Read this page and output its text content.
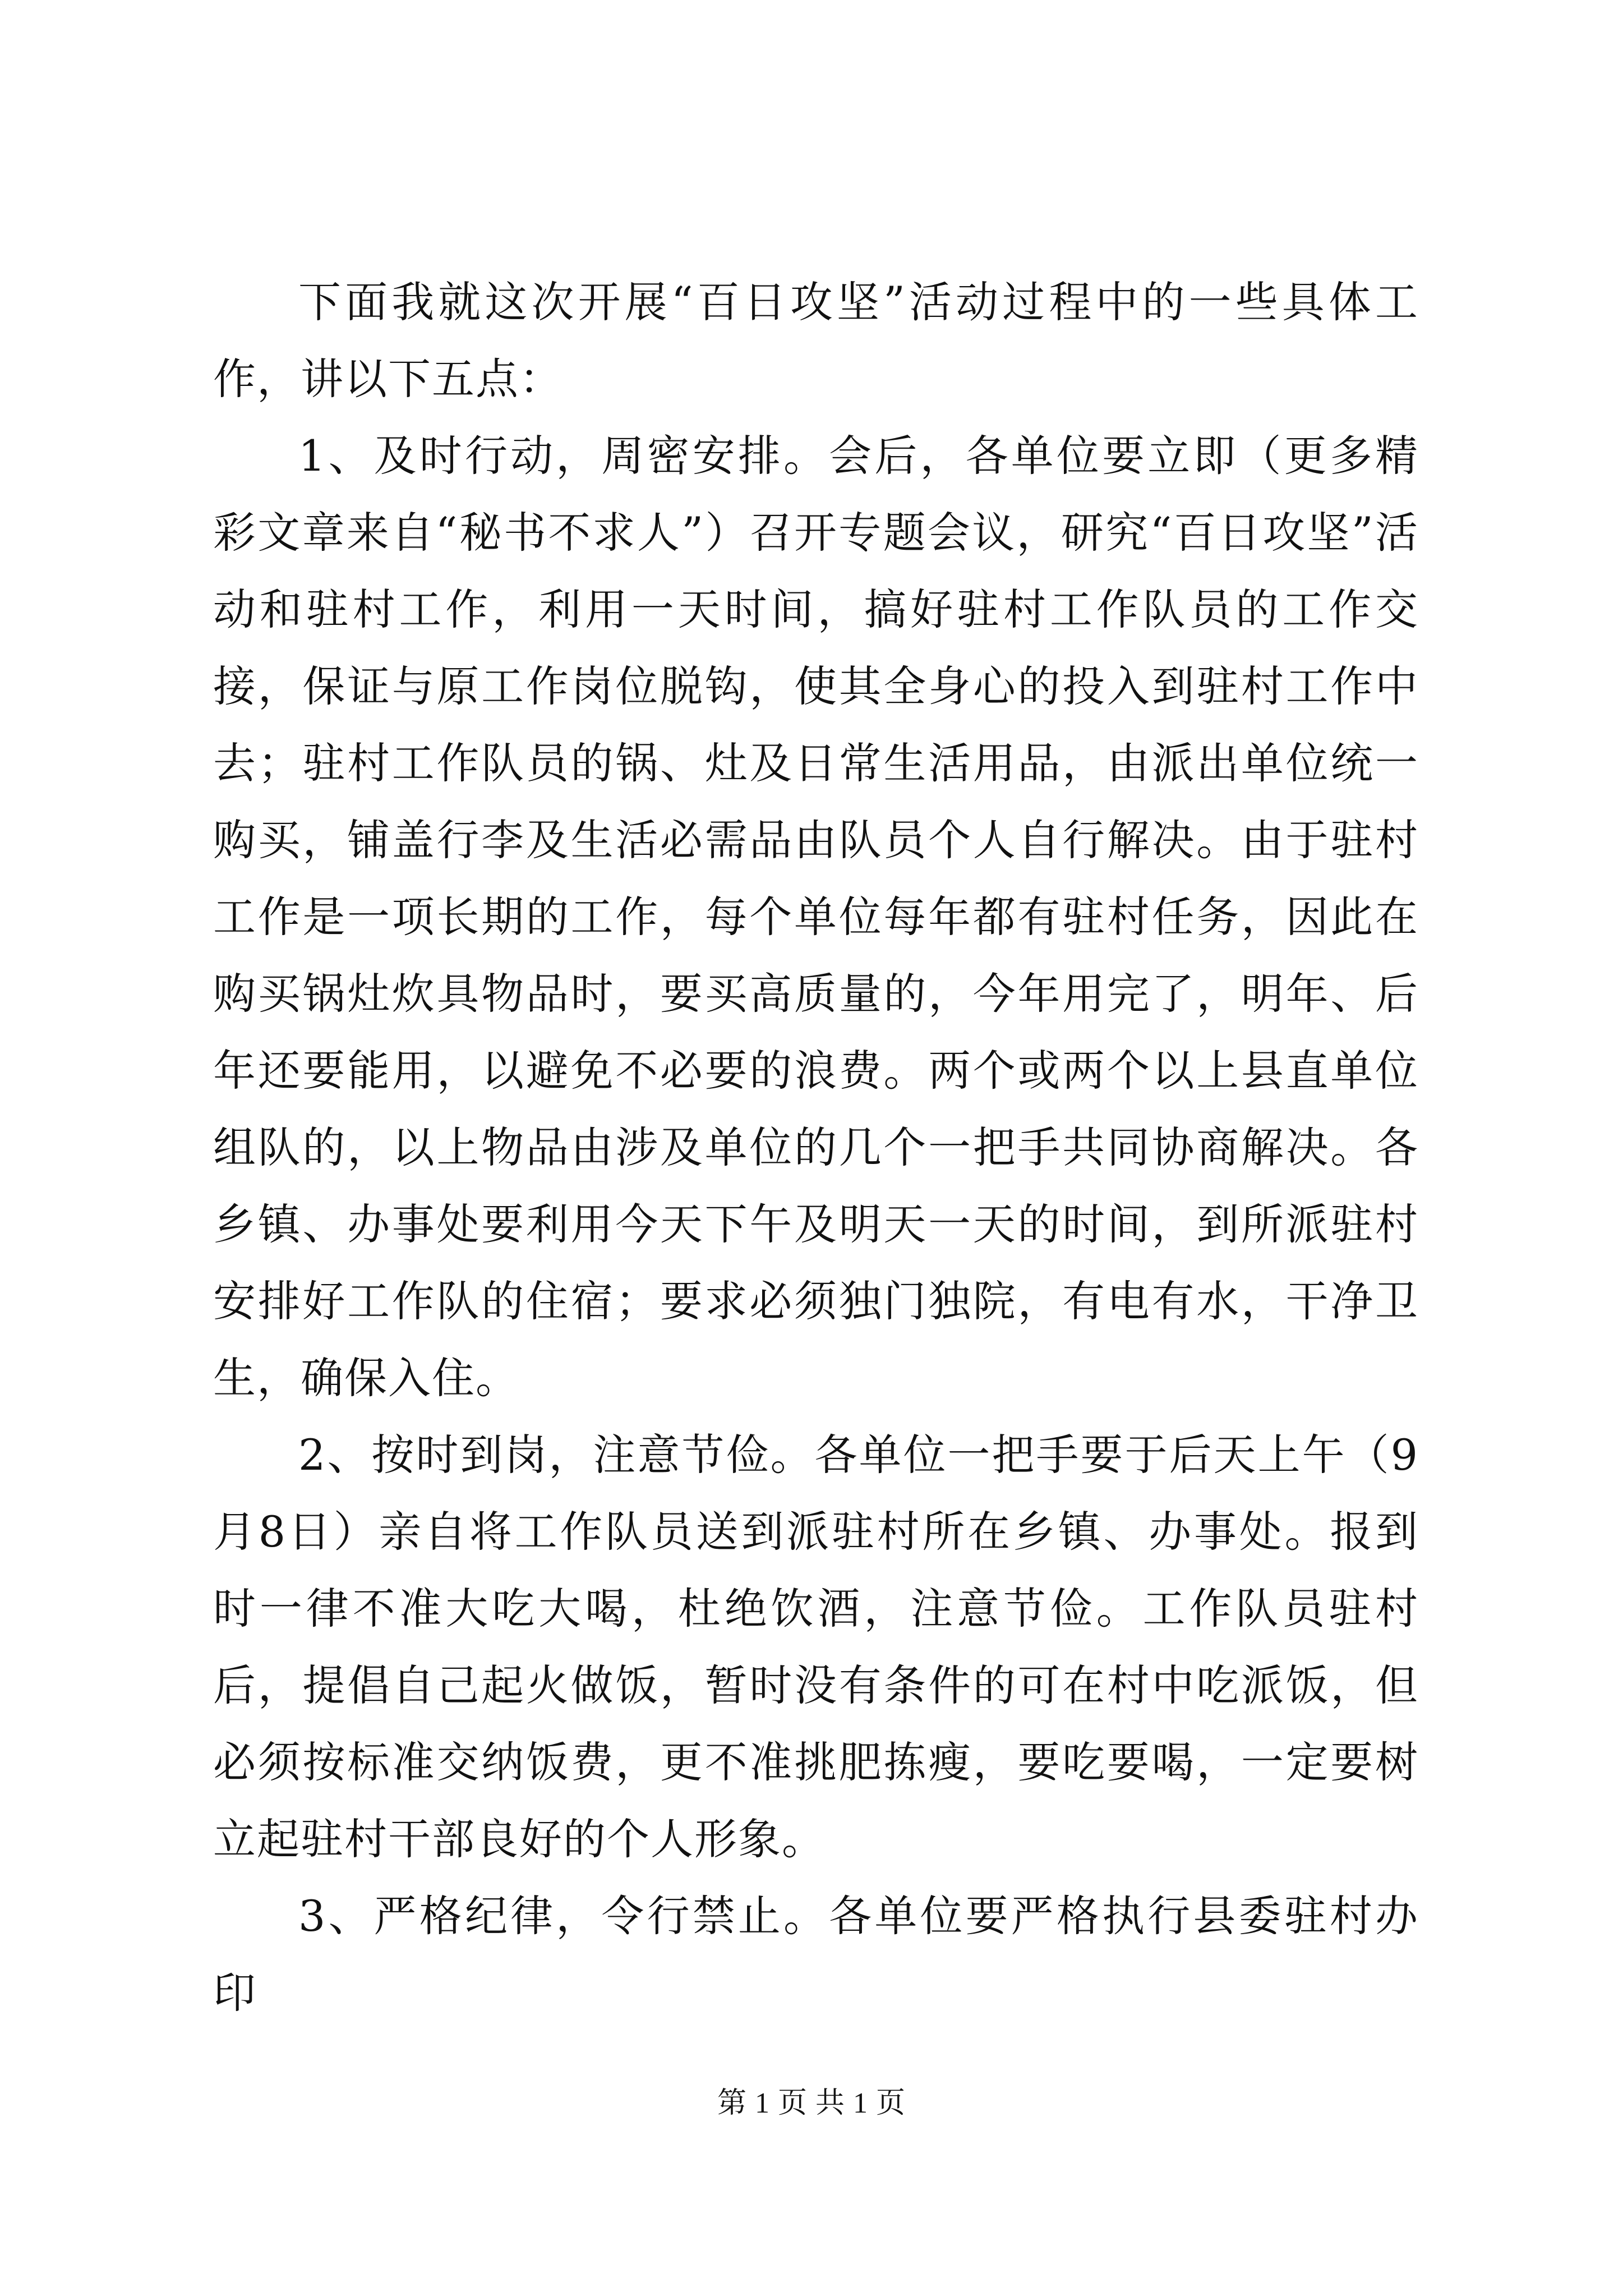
下面我就这次开展“百日攻坚”活动过程中的一些具体工作，讲以下五点：

1、及时行动，周密安排。会后，各单位要立即（更多精彩文章来自“秘书不求人”）召开专题会议，研究“百日攻坚”活动和驻村工作，利用一天时间，搞好驻村工作队员的工作交接，保证与原工作岗位脱钩，使其全身心的投入到驻村工作中去；驻村工作队员的锅、灶及日常生活用品，由派出单位统一购买，铺盖行李及生活必需品由队员个人自行解决。由于驻村工作是一项长期的工作，每个单位每年都有驻村任务，因此在购买锅灶炊具物品时，要买高质量的，今年用完了，明年、后年还要能用，以避免不必要的浪费。两个或两个以上县直单位组队的，以上物品由涉及单位的几个一把手共同协商解决。各乡镇、办事处要利用今天下午及明天一天的时间，到所派驻村安排好工作队的住宿；要求必须独门独院，有电有水，干净卫生，确保入住。

2、按时到岗，注意节俭。各单位一把手要于后天上午（9月8日）亲自将工作队员送到派驻村所在乡镇、办事处。报到时一律不准大吃大喝，杜绝饮酒，注意节俭。工作队员驻村后，提倡自己起火做饭，暂时没有条件的可在村中吃派饭，但必须按标准交纳饭费，更不准挑肥拣瘦，要吃要喝，一定要树立起驻村干部良好的个人形象。

3、严格纪律，令行禁止。各单位要严格执行县委驻村办印

第 1 页 共 1 页
